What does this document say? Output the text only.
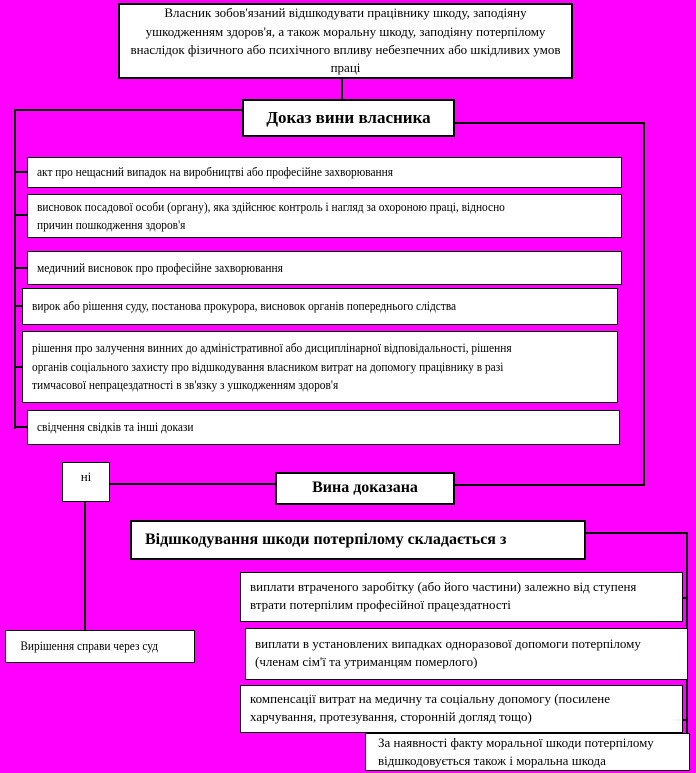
Власник зобов'язаний відшкодувати працівнику шкоду, заподіяну ушкодженням здоров'я, а також моральну шкоду, заподіяну потерпілому внаслідок фізичного або психічного впливу небезпечних або шкідливих умов праці
Доказ вини власника
акт про нещасний випадок на виробництві або професійне захворювання
висновок посадової особи (органу), яка здійснює контроль і нагляд за охороною праці, відносно причин пошкодження здоров'я
медичний висновок про професійне захворювання
вирок або рішення суду, постанова прокурора, висновок органів попереднього слідства
рішення про залучення винних до адміністративної або дисциплінарної відповідальності, рішення органів соціального захисту про відшкодування власником витрат на допомогу працівнику в разі тимчасової непрацездатності в зв'язку з ушкодженням здоров'я
свідчення свідків та інші докази
ні
Вина доказана
Відшкодування шкоди потерпілому складається з
Вирішення справи через суд
виплати втраченого заробітку (або його частини) залежно від ступеня втрати потерпілим професійної працездатності
виплати в установлених випадках одноразової допомоги потерпілому (членам сім'ї та утриманцям померлого)
компенсації витрат на медичну та соціальну допомогу (посилене харчування, протезування, сторонній догляд тощо)
За наявності факту моральної шкоди потерпілому відшкодовується також і моральна шкода
